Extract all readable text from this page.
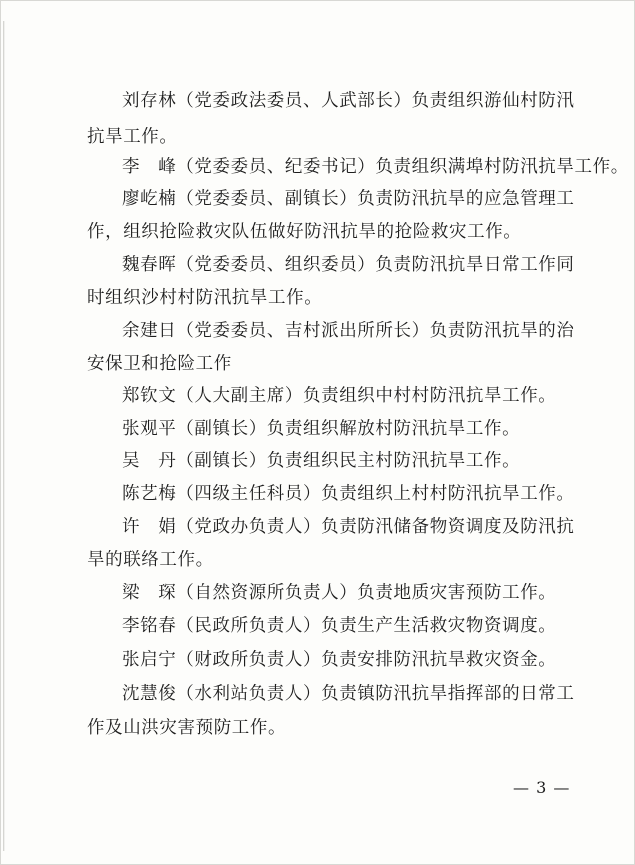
刘存林（党委政法委员、人武部长）负责组织游仙村防汛
抗旱工作。
李　峰（党委委员、纪委书记）负责组织满埠村防汛抗旱工作。
廖屹楠（党委委员、副镇长）负责防汛抗旱的应急管理工
作，组织抢险救灾队伍做好防汛抗旱的抢险救灾工作。
魏春晖（党委委员、组织委员）负责防汛抗旱日常工作同
时组织沙村村防汛抗旱工作。
余建日（党委委员、吉村派出所所长）负责防汛抗旱的治
安保卫和抢险工作
郑钦文（人大副主席）负责组织中村村防汛抗旱工作。
张观平（副镇长）负责组织解放村防汛抗旱工作。
吴　丹（副镇长）负责组织民主村防汛抗旱工作。
陈艺梅（四级主任科员）负责组织上村村防汛抗旱工作。
许　娟（党政办负责人）负责防汛储备物资调度及防汛抗
旱的联络工作。
梁　琛（自然资源所负责人）负责地质灾害预防工作。
李铭春（民政所负责人）负责生产生活救灾物资调度。
张启宁（财政所负责人）负责安排防汛抗旱救灾资金。
沈慧俊（水利站负责人）负责镇防汛抗旱指挥部的日常工
作及山洪灾害预防工作。
— 3 —
